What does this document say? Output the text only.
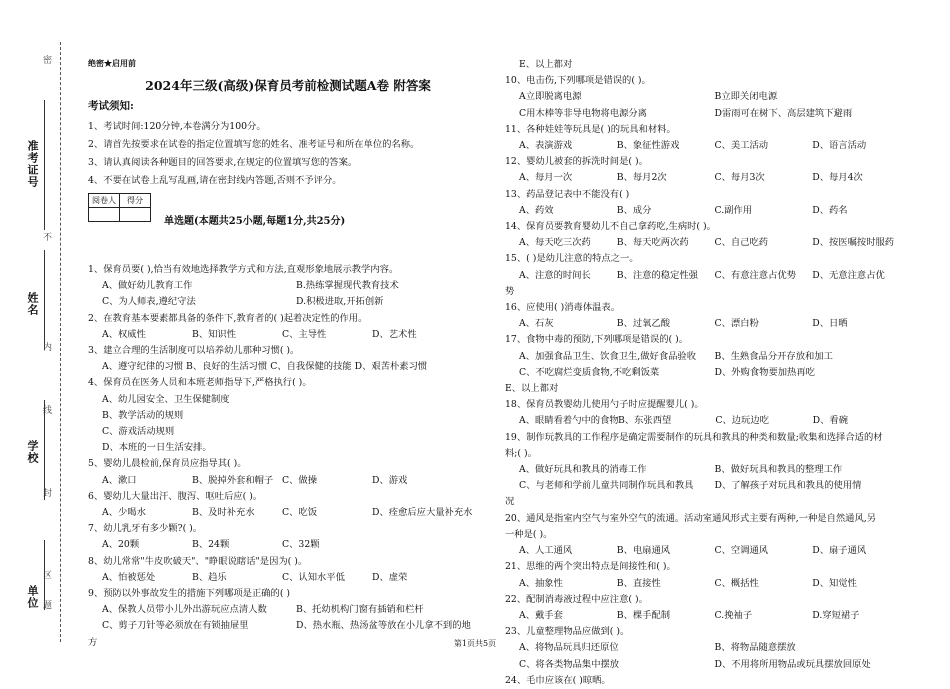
密
准考证号
不
姓名
内
线
学校
封
区
单位 题
绝密★启用前
2024年三级(高级)保育员考前检测试题A卷 附答案
考试须知:
1、考试时间:120分钟,本卷满分为100分。
2、请首先按要求在试卷的指定位置填写您的姓名、准考证号和所在单位的名称。
3、请认真阅读各种题目的回答要求,在规定的位置填写您的答案。
4、不要在试卷上乱写乱画,请在密封线内答题,否则不予评分。
阅卷人	得分

单选题(本题共25小题,每题1分,共25分)
1、保育员要( ),恰当有效地选择教学方式和方法,直观形象地展示教学内容。
A、做好幼儿教育工作	B.热练掌握现代教育技术
C、为人师表,遵纪守法	D.积极进取,开拓创新
2、在教育基本要素都具备的条件下,教育者的( )起着决定性的作用。
A、权威性	B、知识性	C、主导性	D、艺术性
3、建立合理的生活制度可以培养幼儿那种习惯( )。
A、遵守纪律的习惯 B、良好的生活习惯 C、自我保健的技能 D、艰苦朴素习惯
4、保育员在医务人员和本班老师指导下,严格执行( )。
A、幼儿园安全、卫生保健制度
B、教学活动的规则
C、游戏活动规则
D、本班的一日生活安排。
5、婴幼儿晨检前,保育员应指导其( )。
A、漱口	B、脱掉外套和帽子 C、做操	D、游戏
6、婴幼儿大量出汗、腹泻、呕吐后应( )。
A、少喝水	B、及时补充水	C、吃饭	D、痊愈后应大量补充水
7、幼儿乳牙有多少颗?( )。
A、20颗	B、24颗	C、32颗
8、幼儿常常"牛皮吹破天"、"睁眼说瞎话"是因为( )。
A、怕被惩处	B、趋乐	C、认知水平低	D、虚荣
9、预防以外事故发生的措施下列哪项是正确的( )
A、保教人员带小儿外出游玩应点清人数	B、托幼机构门窗有插销和栏杆
C、剪子刀针等必须放在有锁抽屉里	D、热水瓶、热汤盆等放在小儿拿不到的地
方
E、以上都对
10、电击伤,下列哪项是错误的( )。
A立即脱离电源	B立即关闭电源
C用木棒等非导电物将电源分离	D雷雨可在树下、高层建筑下避雨
11、各种娃娃等玩具是( )的玩具和材料。
A、表演游戏	B、象征性游戏	C、美工活动	D、语言活动
12、婴幼儿被套的拆洗时间是( )。
A、每月一次	B、每月2次	C、每月3次	D、每月4次
13、药品登记表中不能没有( )
A、药效	B、成分	C.副作用	D、药名
14、保育员要教育婴幼儿不自己拿药吃,生病时( )。
A、每天吃三次药	B、每天吃两次药	C、自己吃药	D、按医嘱按时服药
15、( )是幼儿注意的特点之一。
A、注意的时间长	B、注意的稳定性强	C、有意注意占优势	D、无意注意占优
势
16、应使用( )消毒体温表。
A、石灰	B、过氧乙酸	C、漂白粉	D、日晒
17、食物中毒的预防,下列哪项是错误的( )。
A、加强食品卫生、饮食卫生,做好食品验收	B、生熟食品分开存放和加工
C、不吃腐烂变质食物,不吃剩饭菜	D、外购食物要加热再吃
E、以上都对
18、保育员教婴幼儿使用勺子时应提醒婴儿( )。
A、眼睛看着勺中的食物 B、东张西望	C、边玩边吃	D、看碗
19、制作玩教具的工作程序是确定需要制作的玩具和教具的种类和数量;收集和选择合适的材
料;( )。
A、做好玩具和教具的消毒工作	B、做好玩具和教具的整理工作
C、与老师和学前儿童共同制作玩具和教具	D、了解孩子对玩具和教具的使用情
况
20、通风是指室内空气与室外空气的流通。活动室通风形式主要有两种,一种是自然通风,另
一种是( )。
A、人工通风	B、电扇通风	C、空调通风	D、扇子通风
21、思维的两个突出特点是间接性和( )。
A、抽象性	B、直接性	C、概括性	D、知觉性
22、配制消毒液过程中应注意( )。
A、戴手套	B、棵手配制	C.挽袖子	D.穿短裙子
23、儿童整理物品应做到( )。
A、将物品玩具归还原位	B、将物品随意摆放
C、将各类物品集中摆放	D、不用将所用物品或玩具摆放回原处
24、毛巾应该在( )晾晒。
第1页共5页
